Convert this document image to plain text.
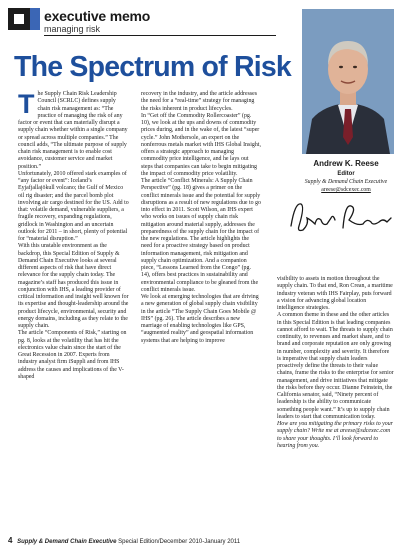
executive memo
managing risk
The Spectrum of Risk

The Supply Chain Risk Leadership Council (SCRLC) defines supply chain risk management as: “The practice of managing the risk of any factor or event that can materially disrupt a supply chain whether within a single company or spread across multiple companies.” The council adds, “The ultimate purpose of supply chain risk management is to enable cost avoidance, customer service and market position.”

Unfortunately, 2010 offered stark examples of “any factor or event”: Iceland’s Eyjafjallajökull volcano; the Gulf of Mexico oil rig disaster; and the parcel bomb plot involving air cargo destined for the US. Add to that: volatile demand, vulnerable suppliers, a fragile recovery, expanding regulations, gridlock in Washington and an uncertain outlook for 2011 – in short, plenty of potential for “material disruption.”

With this unstable environment as the backdrop, this Special Edition of Supply & Demand Chain Executive looks at several different aspects of risk that have direct relevance for the supply chain today. The magazine’s staff has produced this issue in conjunction with IHS, a leading provider of critical information and insight well known for its expertise and thought-leadership around the product lifecycle, environmental, security and energy domains, including as they relate to the supply chain.

The article “Components of Risk,” starting on pg. 8, looks at the volatility that has hit the electronics value chain since the start of the Great Recession in 2007. Experts from industry analyst firm iSuppli and from IHS address the causes and implications of the V-shaped

recovery in the industry, and the article addresses the need for a “real-time” strategy for managing the risks inherent in product lifecycles.

In “Get off the Commodity Rollercoaster” (pg. 10), we look at the ups and downs of commodity prices during, and in the wake of, the latest “super cycle.” John Mothersole, an expert on the nonferrous metals market with IHS Global Insight, offers a strategic approach to managing commodity price intelligence, and he lays out steps that companies can take to begin mitigating the impact of commodity price volatility.

The article “Conflict Minerals: A Supply Chain Perspective” (pg. 18) gives a primer on the conflict minerals issue and the potential for supply disruptions as a result of new regulations due to go into effect in 2011. Scott Wilson, an IHS expert who works on issues of supply chain risk mitigation around material supply, addresses the preparedness of the supply chain for the impact of the new regulations. The article highlights the need for a proactive strategy based on product information management, risk mitigation and supply chain optimization. And a companion piece, “Lessons Learned from the Congo” (pg. 14), offers best practices in sustainability and environmental compliance to be gleaned from the conflict minerals issue.

We look at emerging technologies that are driving a new generation of global supply chain visibility in the article “The Supply Chain Goes Mobile @ IHS” (pg. 26). The article describes a new marriage of enabling technologies like GPS, “augmented reality” and geospatial information systems that are helping to improve

visibility to assets in motion throughout the supply chain. To that end, Ron Crean, a maritime industry veteran with IHS Fairplay, puts forward a vision for advancing global location intelligence strategies.

A common theme in these and the other articles in this Special Edition is that leading companies cannot afford to wait. The threats to supply chain continuity, to revenues and market share, and to brand and corporate reputation are only growing in number, complexity and severity. It therefore is imperative that supply chain leaders proactively define the threats to their value chains, frame the risks to the enterprise for senior management, and drive initiatives that mitigate the risks before they occur. Dianne Feinstein, the California senator, said, “Ninety percent of leadership is the ability to communicate something people want.” It’s up to supply chain leaders to start that communication today.

How are you mitigating the primary risks to your supply chain? Write me at areese@sdcexec.com to share your thoughts. I’ll look forward to hearing from you.

Andrew K. Reese
Editor
Supply & Demand Chain Executive
areese@sdcexec.com
4 Supply & Demand Chain Executive Special Edition/December 2010-January 2011
